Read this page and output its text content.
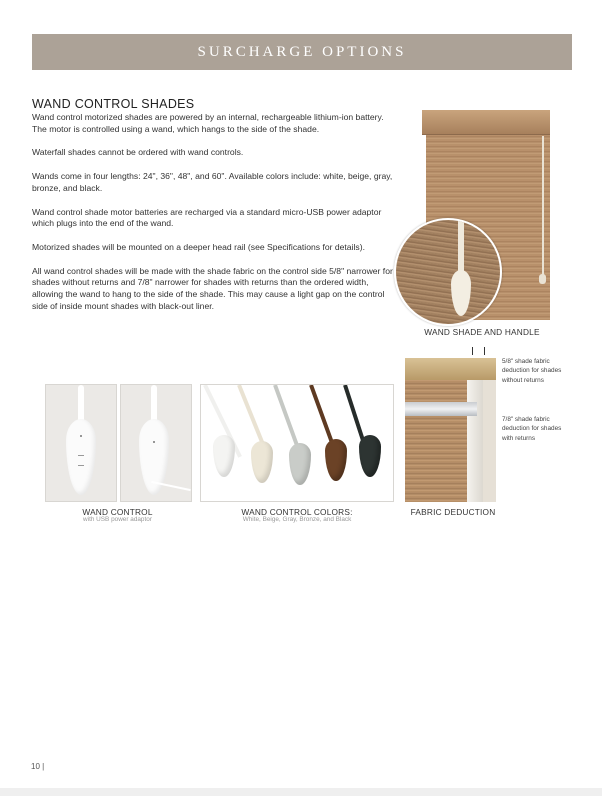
SURCHARGE OPTIONS
WAND CONTROL SHADES

Wand control motorized shades are powered by an internal, rechargeable lithium-ion battery. The motor is controlled using a wand, which hangs to the side of the shade.

Waterfall shades cannot be ordered with wand controls.

Wands come in four lengths: 24", 36", 48", and 60". Available colors include: white, beige, gray, bronze, and black.

Wand control shade motor batteries are recharged via a standard micro-USB power adaptor which plugs into the end of the wand.

Motorized shades will be mounted on a deeper head rail (see Specifications for details).

All wand control shades will be made with the shade fabric on the control side 5/8" narrower for shades without returns and 7/8" narrower for shades with returns than the ordered width, allowing the wand to hang to the side of the shade. This may cause a light gap on the control side of inside mount shades with black-out liner.

WAND SHADE AND HANDLE
WAND CONTROL
with USB power adaptor
WAND CONTROL COLORS:
White, Beige, Gray, Bronze, and Black
5/8" shade fabric deduction for shades without returns
7/8" shade fabric deduction for shades with returns
FABRIC DEDUCTION
10 |
